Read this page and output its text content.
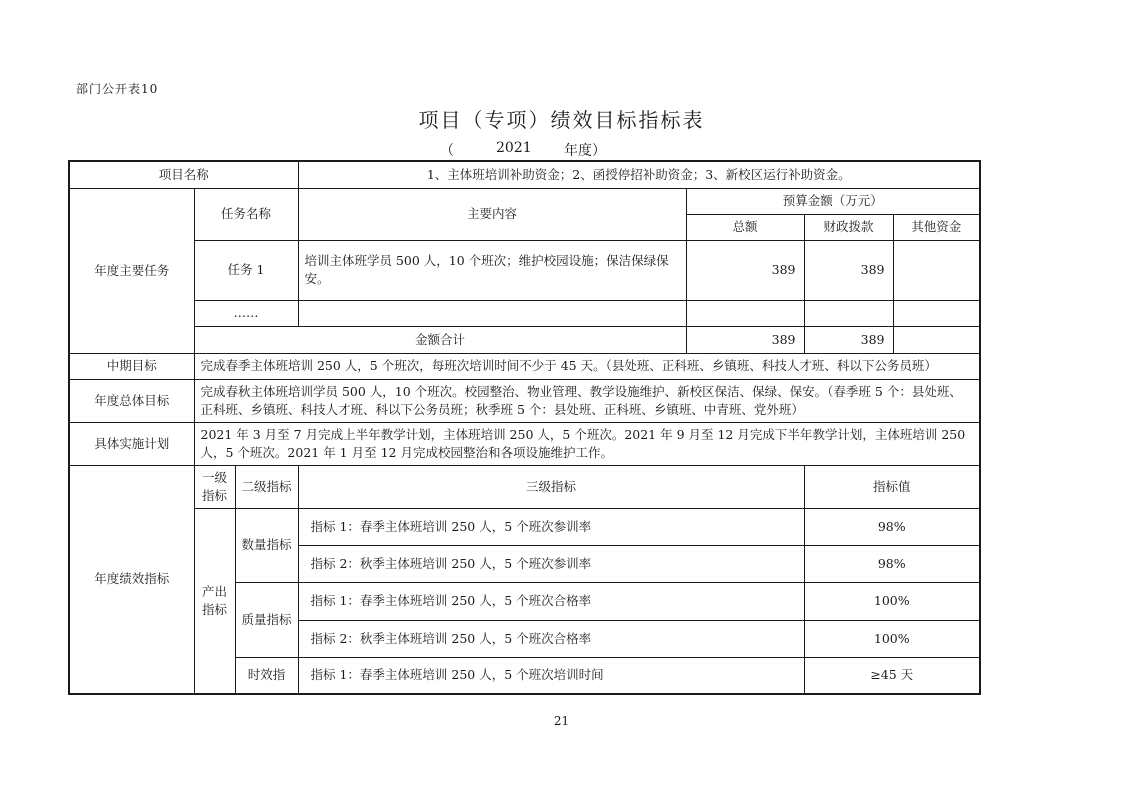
部门公开表10
项目（专项）绩效目标指标表
（	2021 年度）
项目名称			1、主体班培训补助资金；2、函授停招补助资金；3、新校区运行补助资金。			
年度主要任务	任务名称		主要内容	预算金额（万元）		
				总额	财政拨款	其他资金
	任务 1		培训主体班学员 500 人，10 个班次；维护校园设施；保洁保绿保安。	389	389	
	……					
	金额合计			389	389	

中期目标	完成春季主体班培训 250 人，5 个班次，每班次培训时间不少于 45 天。（县处班、正科班、乡镇班、科技人才班、科以下公务员班）					
年度总体目标	完成春秋主体班培训学员 500 人，10 个班次。校园整治、物业管理、教学设施维护、新校区保洁、保绿、保安。（春季班 5 个：县处班、正科班、乡镇班、科技人才班、科以下公务员班；秋季班 5 个：县处班、正科班、乡镇班、中青班、党外班）					
具体实施计划	2021 年 3 月至 7 月完成上半年教学计划，主体班培训 250 人，5 个班次。2021 年 9 月至 12 月完成下半年教学计划，主体班培训 250 人，5 个班次。2021 年 1 月至 12 月完成校园整治和各项设施维护工作。					
年度绩效指标	一级指标	二级指标	三级指标		指标值	
	产出指标	数量指标	指标 1：春季主体班培训 250 人，5 个班次参训率		98%	
			指标 2：秋季主体班培训 250 人，5 个班次参训率		98%	
		质量指标	指标 1：春季主体班培训 250 人，5 个班次合格率		100%	
			指标 2：秋季主体班培训 250 人，5 个班次合格率		100%	
		时效指	指标 1：春季主体班培训 250 人，5 个班次培训时间		≥45 天	
21
